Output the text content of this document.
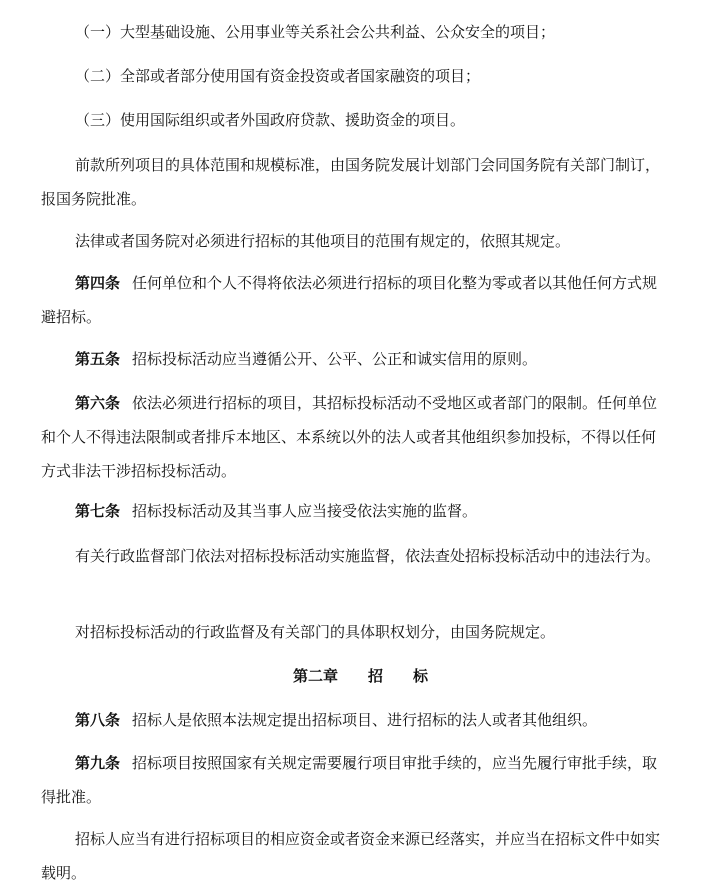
（一）大型基础设施、公用事业等关系社会公共利益、公众安全的项目；
（二）全部或者部分使用国有资金投资或者国家融资的项目；
（三）使用国际组织或者外国政府贷款、援助资金的项目。
前款所列项目的具体范围和规模标准，由国务院发展计划部门会同国务院有关部门制订，报国务院批准。
法律或者国务院对必须进行招标的其他项目的范围有规定的，依照其规定。
第四条 任何单位和个人不得将依法必须进行招标的项目化整为零或者以其他任何方式规避招标。
第五条 招标投标活动应当遵循公开、公平、公正和诚实信用的原则。
第六条 依法必须进行招标的项目，其招标投标活动不受地区或者部门的限制。任何单位和个人不得违法限制或者排斥本地区、本系统以外的法人或者其他组织参加投标，不得以任何方式非法干涉招标投标活动。
第七条 招标投标活动及其当事人应当接受依法实施的监督。
有关行政监督部门依法对招标投标活动实施监督，依法查处招标投标活动中的违法行为。
对招标投标活动的行政监督及有关部门的具体职权划分，由国务院规定。
第二章 招 标
第八条 招标人是依照本法规定提出招标项目、进行招标的法人或者其他组织。
第九条 招标项目按照国家有关规定需要履行项目审批手续的，应当先履行审批手续，取得批准。
招标人应当有进行招标项目的相应资金或者资金来源已经落实，并应当在招标文件中如实载明。
